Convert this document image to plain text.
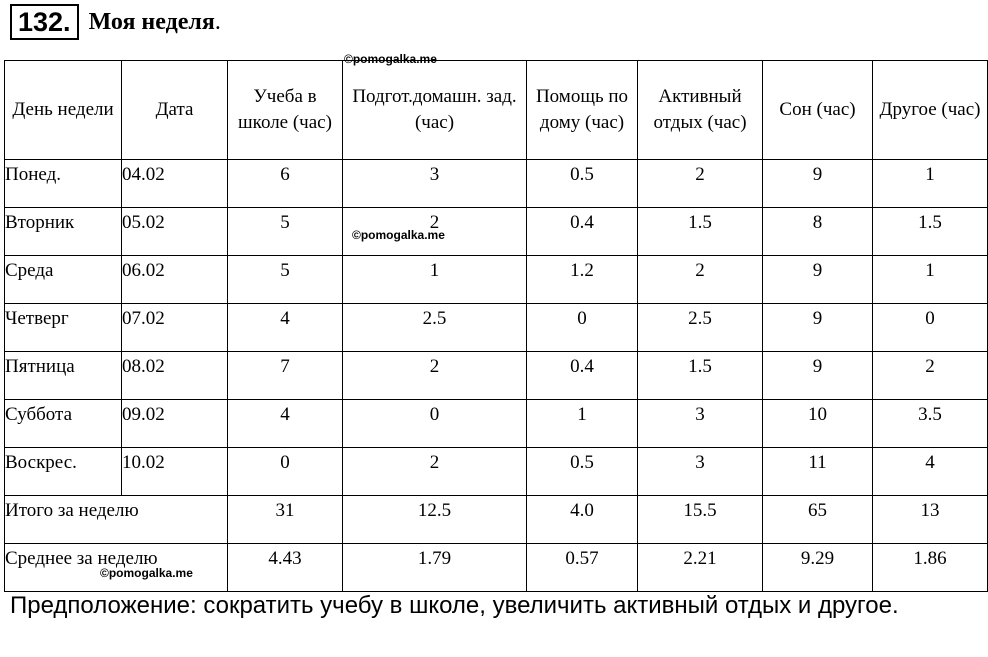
132. Моя неделя .
День недели	Дата	Учеба в школе (час)	Подгот.домашн. зад. (час)	Помощь по дому (час)	Активный отдых (час)	Сон (час)	Другое (час)
Понед.	04.02	6	3	0.5	2	9	1
Вторник	05.02	5	2	0.4	1.5	8	1.5
Среда	06.02	5	1	1.2	2	9	1
Четверг	07.02	4	2.5	0	2.5	9	0
Пятница	08.02	7	2	0.4	1.5	9	2
Суббота	09.02	4	0	1	3	10	3.5
Воскрес.	10.02	0	2	0.5	3	11	4
Итого за неделю		31	12.5	4.0	15.5	65	13
Среднее за неделю		4.43	1.79	0.57	2.21	9.29	1.86
©pomogalka.me
©pomogalka.me
©pomogalka.me
Предположение: сократить учебу в школе, увеличить активный отдых и другое.
